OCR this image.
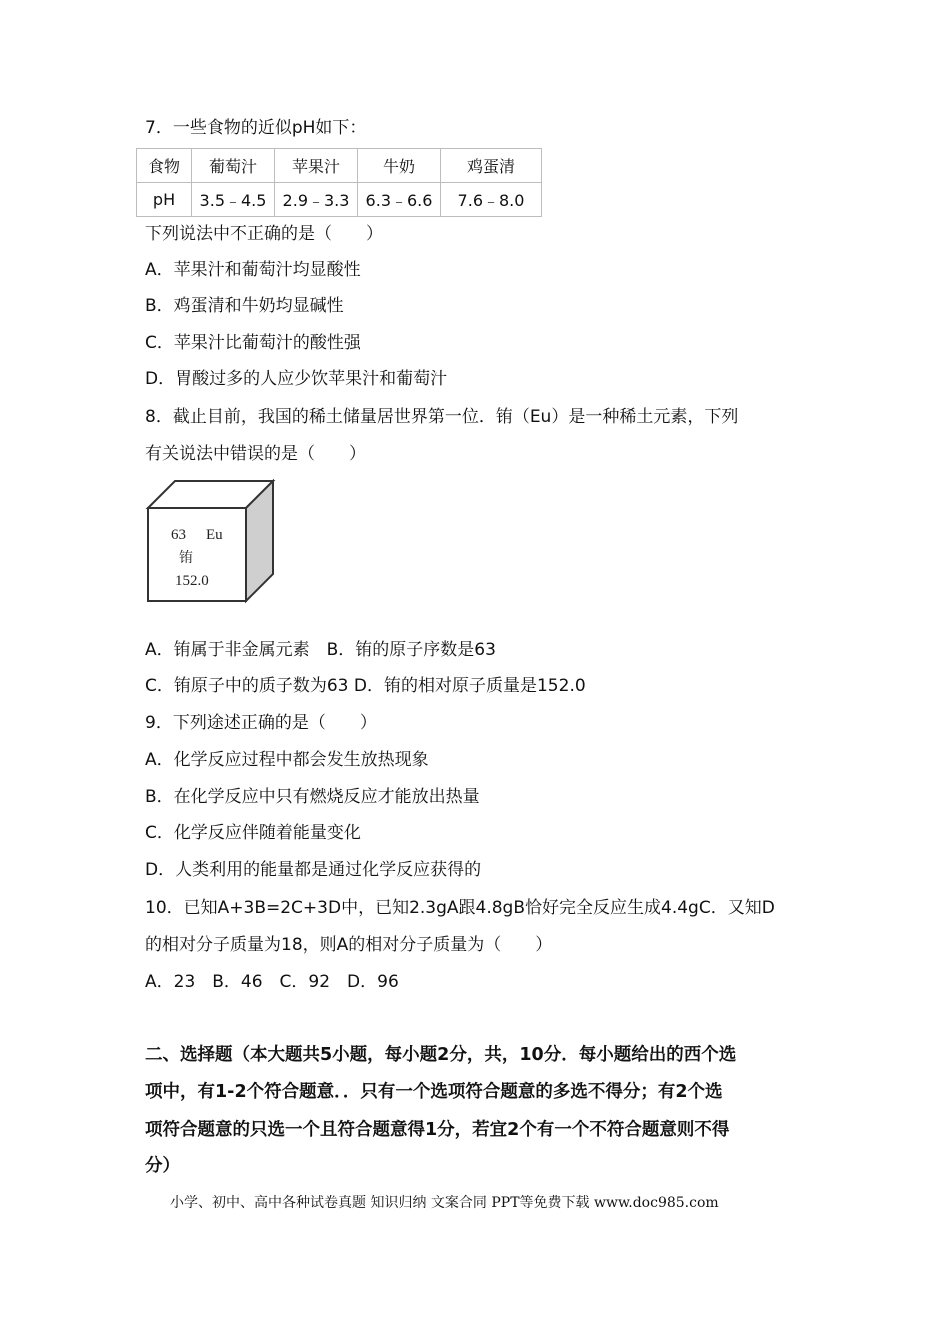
7．一些食物的近似pH如下：
食物	葡萄汁	苹果汁	牛奶	鸡蛋清
pH	3.5﹣4.5	2.9﹣3.3	6.3﹣6.6	7.6﹣8.0
下列说法中不正确的是（　　）
A．苹果汁和葡萄汁均显酸性
B．鸡蛋清和牛奶均显碱性
C．苹果汁比葡萄汁的酸性强
D．胃酸过多的人应少饮苹果汁和葡萄汁
8．截止目前，我国的稀土储量居世界第一位．铕（Eu）是一种稀土元素，下列
有关说法中错误的是（　　）
63 Eu
铕
152.0
A．铕属于非金属元素　B．铕的原子序数是63
C．铕原子中的质子数为63 D．铕的相对原子质量是152.0
9．下列途述正确的是（　　）
A．化学反应过程中都会发生放热现象
B．在化学反应中只有燃烧反应才能放出热量
C．化学反应伴随着能量变化
D．人类利用的能量都是通过化学反应获得的
10．已知A+3B=2C+3D中，已知2.3gA跟4.8gB恰好完全反应生成4.4gC．又知D
的相对分子质量为18，则A的相对分子质量为（　　）
A．23　B．46　C．92　D．96
二、选择题（本大题共5小题，每小题2分，共，10分．每小题给出的西个选
项中，有1-2个符合题意．．只有一个选项符合题意的多选不得分；有2个选
项符合题意的只选一个且符合题意得1分，若宜2个有一个不符合题意则不得
分）
小学、初中、高中各种试卷真题 知识归纳 文案合同 PPT等免费下载 www.doc985.com
